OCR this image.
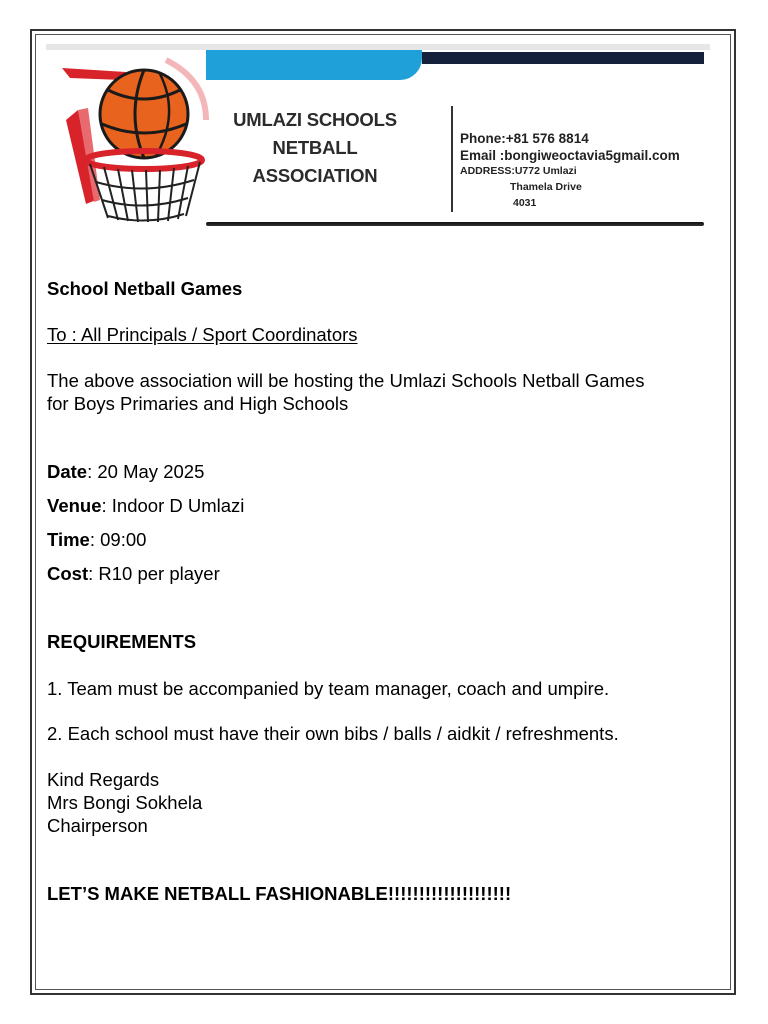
UMLAZI SCHOOLS NETBALL
ASSOCIATION
Phone:+81 576 8814
Email :bongiweoctavia5gmail.com
ADDRESS:U772 Umlazi
Thamela Drive
4031
School Netball Games
To : All Principals / Sport Coordinators
The above association will be hosting the Umlazi Schools Netball Games
for Boys Primaries and High Schools
Date: 20 May 2025
Venue: Indoor D Umlazi
Time: 09:00
Cost: R10 per player
REQUIREMENTS
1. Team must be accompanied by team manager, coach and umpire.
2. Each school must have their own bibs / balls / aidkit / refreshments.
Kind Regards
Mrs Bongi Sokhela
Chairperson
LET’S MAKE NETBALL FASHIONABLE!!!!!!!!!!!!!!!!!!!!
